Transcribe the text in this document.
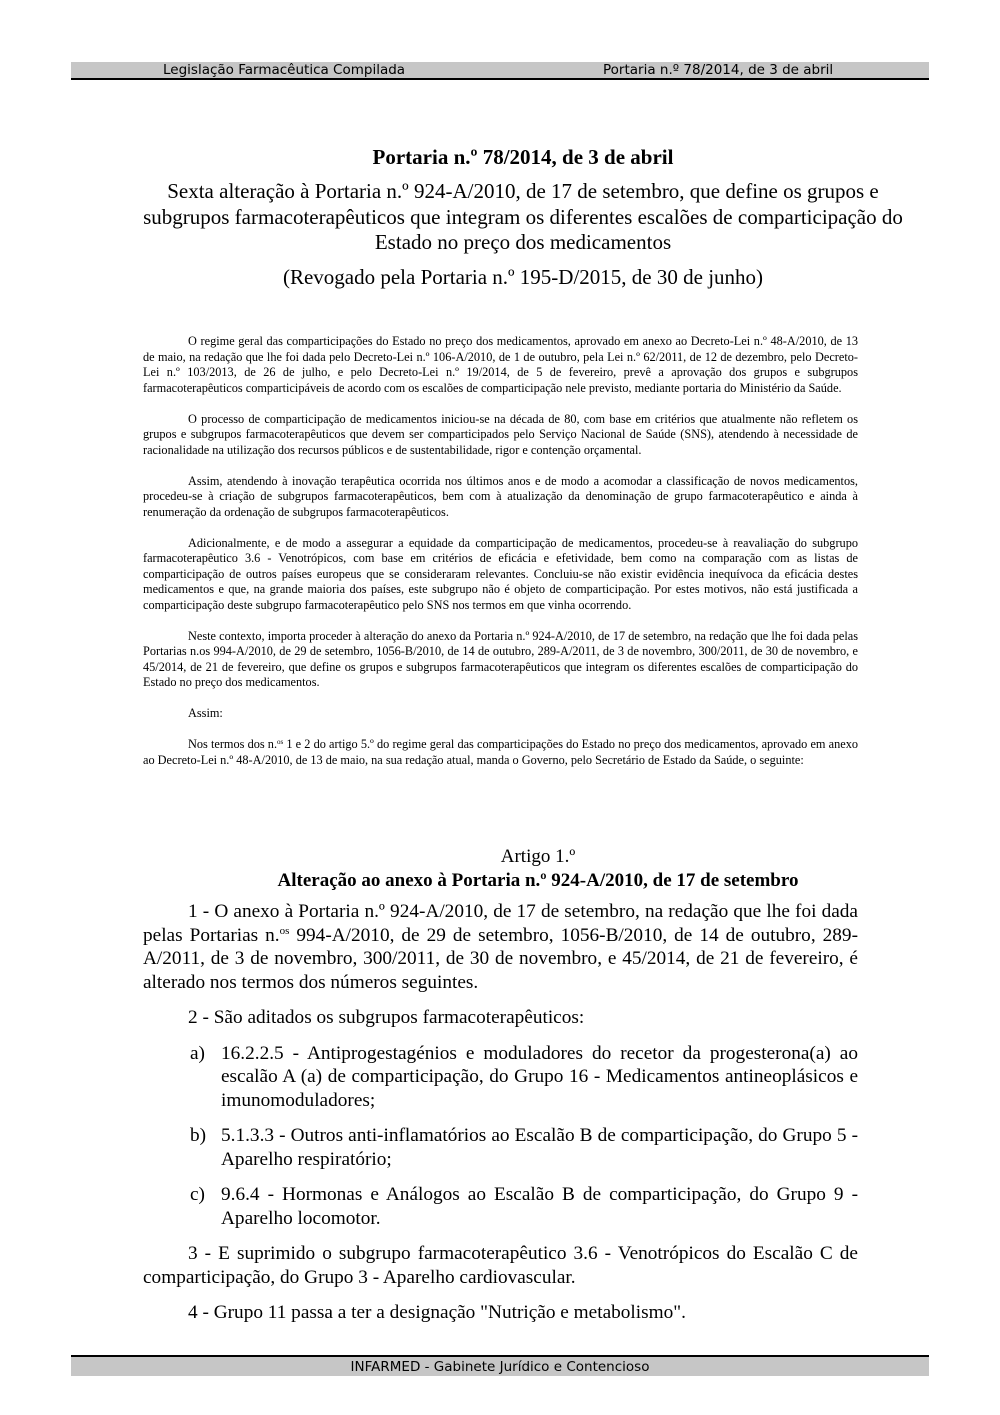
Legislação Farmacêutica Compilada	Portaria n.º 78/2014, de 3 de abril
Portaria n.º 78/2014, de 3 de abril
Sexta alteração à Portaria n.º 924-A/2010, de 17 de setembro, que define os grupos e subgrupos farmacoterapêuticos que integram os diferentes escalões de comparticipação do Estado no preço dos medicamentos
(Revogado pela Portaria n.º 195-D/2015, de 30 de junho)

O regime geral das comparticipações do Estado no preço dos medicamentos, aprovado em anexo ao Decreto-Lei n.º 48-A/2010, de 13 de maio, na redação que lhe foi dada pelo Decreto-Lei n.º 106-A/2010, de 1 de outubro, pela Lei n.º 62/2011, de 12 de dezembro, pelo Decreto-Lei n.º 103/2013, de 26 de julho, e pelo Decreto-Lei n.º 19/2014, de 5 de fevereiro, prevê a aprovação dos grupos e subgrupos farmacoterapêuticos comparticipáveis de acordo com os escalões de comparticipação nele previsto, mediante portaria do Ministério da Saúde.

O processo de comparticipação de medicamentos iniciou-se na década de 80, com base em critérios que atualmente não refletem os grupos e subgrupos farmacoterapêuticos que devem ser comparticipados pelo Serviço Nacional de Saúde (SNS), atendendo à necessidade de racionalidade na utilização dos recursos públicos e de sustentabilidade, rigor e contenção orçamental.

Assim, atendendo à inovação terapêutica ocorrida nos últimos anos e de modo a acomodar a classificação de novos medicamentos, procedeu-se à criação de subgrupos farmacoterapêuticos, bem com à atualização da denominação de grupo farmacoterapêutico e ainda à renumeração da ordenação de subgrupos farmacoterapêuticos.

Adicionalmente, e de modo a assegurar a equidade da comparticipação de medicamentos, procedeu-se à reavaliação do subgrupo farmacoterapêutico 3.6 - Venotrópicos, com base em critérios de eficácia e efetividade, bem como na comparação com as listas de comparticipação de outros países europeus que se consideraram relevantes. Concluiu-se não existir evidência inequívoca da eficácia destes medicamentos e que, na grande maioria dos países, este subgrupo não é objeto de comparticipação. Por estes motivos, não está justificada a comparticipação deste subgrupo farmacoterapêutico pelo SNS nos termos em que vinha ocorrendo.

Neste contexto, importa proceder à alteração do anexo da Portaria n.º 924-A/2010, de 17 de setembro, na redação que lhe foi dada pelas Portarias n.os 994-A/2010, de 29 de setembro, 1056-B/2010, de 14 de outubro, 289-A/2011, de 3 de novembro, 300/2011, de 30 de novembro, e 45/2014, de 21 de fevereiro, que define os grupos e subgrupos farmacoterapêuticos que integram os diferentes escalões de comparticipação do Estado no preço dos medicamentos.

Assim:

Nos termos dos n.$^{os}$ 1 e 2 do artigo 5.º do regime geral das comparticipações do Estado no preço dos medicamentos, aprovado em anexo ao Decreto-Lei n.º 48-A/2010, de 13 de maio, na sua redação atual, manda o Governo, pelo Secretário de Estado da Saúde, o seguinte:

Artigo 1.º
Alteração ao anexo à Portaria n.º 924-A/2010, de 17 de setembro

1 - O anexo à Portaria n.º 924-A/2010, de 17 de setembro, na redação que lhe foi dada pelas Portarias n.$^{os}$ 994-A/2010, de 29 de setembro, 1056-B/2010, de 14 de outubro, 289-A/2011, de 3 de novembro, 300/2011, de 30 de novembro, e 45/2014, de 21 de fevereiro, é alterado nos termos dos números seguintes.

2 - São aditados os subgrupos farmacoterapêuticos:

a) 16.2.2.5 - Antiprogestagénios e moduladores do recetor da progesterona(a) ao escalão A (a) de comparticipação, do Grupo 16 - Medicamentos antineoplásicos e imunomoduladores;
b) 5.1.3.3 - Outros anti-inflamatórios ao Escalão B de comparticipação, do Grupo 5 - Aparelho respiratório;
c) 9.6.4 - Hormonas e Análogos ao Escalão B de comparticipação, do Grupo 9 - Aparelho locomotor.

3 - E suprimido o subgrupo farmacoterapêutico 3.6 - Venotrópicos do Escalão C de comparticipação, do Grupo 3 - Aparelho cardiovascular.

4 - Grupo 11 passa a ter a designação "Nutrição e metabolismo".

INFARMED - Gabinete Jurídico e Contencioso
